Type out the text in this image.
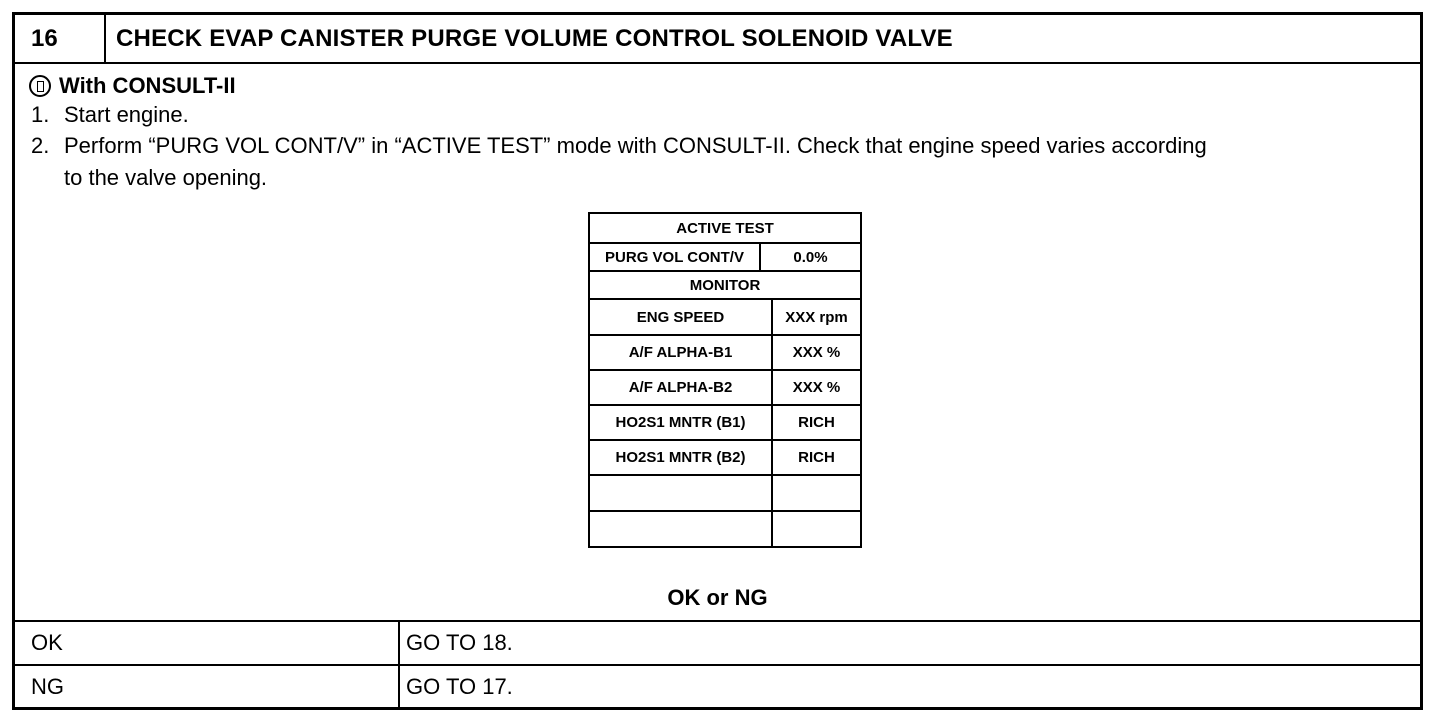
16	CHECK EVAP CANISTER PURGE VOLUME CONTROL SOLENOID VALVE
With CONSULT-II
1. Start engine.
2. Perform “PURG VOL CONT/V” in “ACTIVE TEST” mode with CONSULT-II. Check that engine speed varies according
to the valve opening.
ACTIVE TEST
PURG VOL CONT/V	0.0%
MONITOR
ENG SPEED	XXX rpm
A/F ALPHA-B1	XXX %
A/F ALPHA-B2	XXX %
HO2S1 MNTR (B1)	RICH
HO2S1 MNTR (B2)	RICH
OK or NG
OK	GO TO 18.
NG	GO TO 17.
